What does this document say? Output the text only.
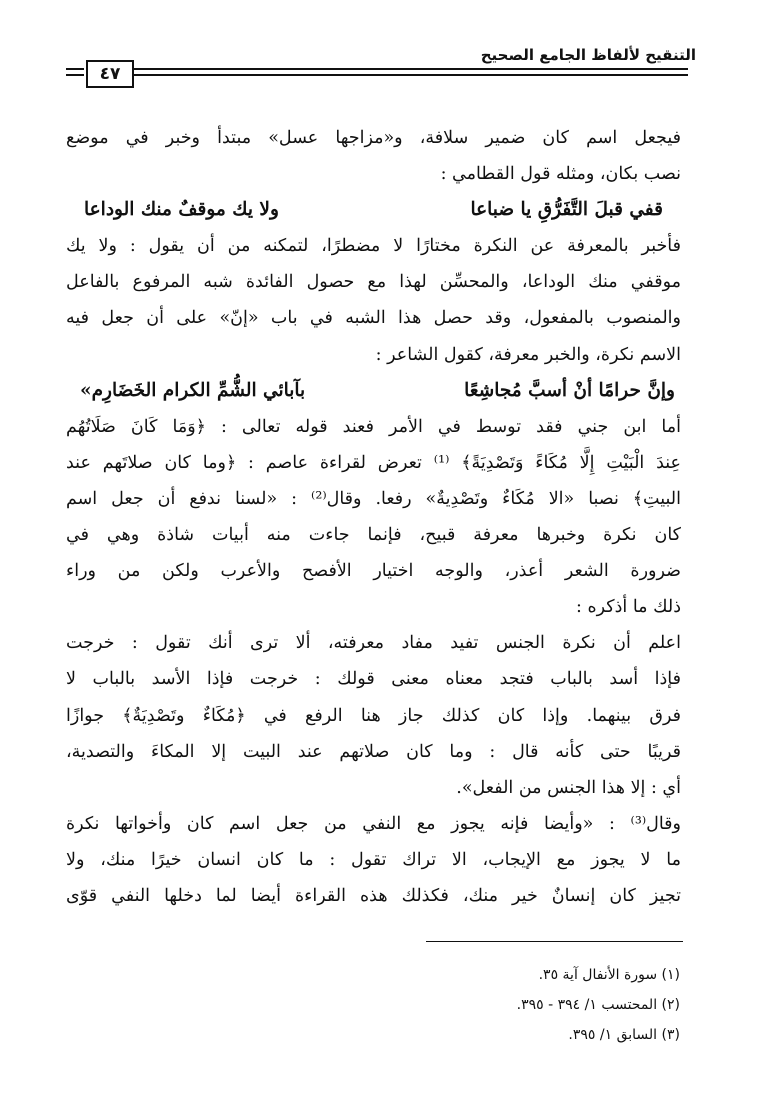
التنقيح لألفاظ الجامع الصحيح
٤٧
فيجعل اسم كان ضمير سلافة، و«مزاجها عسل» مبتدأ وخبر في موضع
نصب بكان، ومثله قول القطامي :
قفي قبلَ التَّفَرُّقِ يا ضباعا
ولا يك موقفٌ منك الوداعا
فأخبر بالمعرفة عن النكرة مختارًا لا مضطرًا، لتمكنه من أن يقول : ولا يك
موقفي منك الوداعا، والمحسِّن لهذا مع حصول الفائدة شبه المرفوع بالفاعل
والمنصوب بالمفعول، وقد حصل هذا الشبه في باب «إنّ» على أن جعل فيه
الاسم نكرة، والخبر معرفة، كقول الشاعر :
وإنَّ حرامًا أنْ أسبَّ مُجاشِعًا
بآبائي الشُّمِّ الكرام الخَضَارِم»
أما ابن جني فقد توسط في الأمر فعند قوله تعالى : ﴿وَمَا كَانَ صَلَاتُهُم
عِندَ الْبَيْتِ إِلَّا مُكَاءً وَتَصْدِيَةً﴾ ⁽¹⁾ تعرض لقراءة عاصم : ﴿وما كان صلاتَهم عند
البيتِ﴾ نصبا «الا مُكَاءٌ وتَصْدِيةٌ» رفعا. وقال⁽²⁾ : «لسنا ندفع أن جعل اسم
كان نكرة وخبرها معرفة قبيح، فإنما جاءت منه أبيات شاذة وهي في
ضرورة الشعر أعذر، والوجه اختيار الأفصح والأعرب ولكن من وراء
ذلك ما أذكره :
اعلم أن نكرة الجنس تفيد مفاد معرفته، ألا ترى أنك تقول : خرجت
فإذا أسد بالباب فتجد معناه معنى قولك : خرجت فإذا الأسد بالباب لا
فرق بينهما. وإذا كان كذلك جاز هنا الرفع في ﴿مُكَاءٌ وتَصْدِيَةٌ﴾ جوازًا
قريبًا حتى كأنه قال : وما كان صلاتهم عند البيت إلا المكاءَ والتصدية،
أي : إلا هذا الجنس من الفعل».
وقال⁽³⁾ : «وأيضا فإنه يجوز مع النفي من جعل اسم كان وأخواتها نكرة
ما لا يجوز مع الإيجاب، الا تراك تقول : ما كان انسان خيرًا منك، ولا
تجيز كان إنسانٌ خير منك، فكذلك هذه القراءة أيضا لما دخلها النفي قوّى
(١) سورة الأنفال آية ٣٥.
(٢) المحتسب ١/ ٣٩٤ - ٣٩٥.
(٣) السابق ١/ ٣٩٥.
